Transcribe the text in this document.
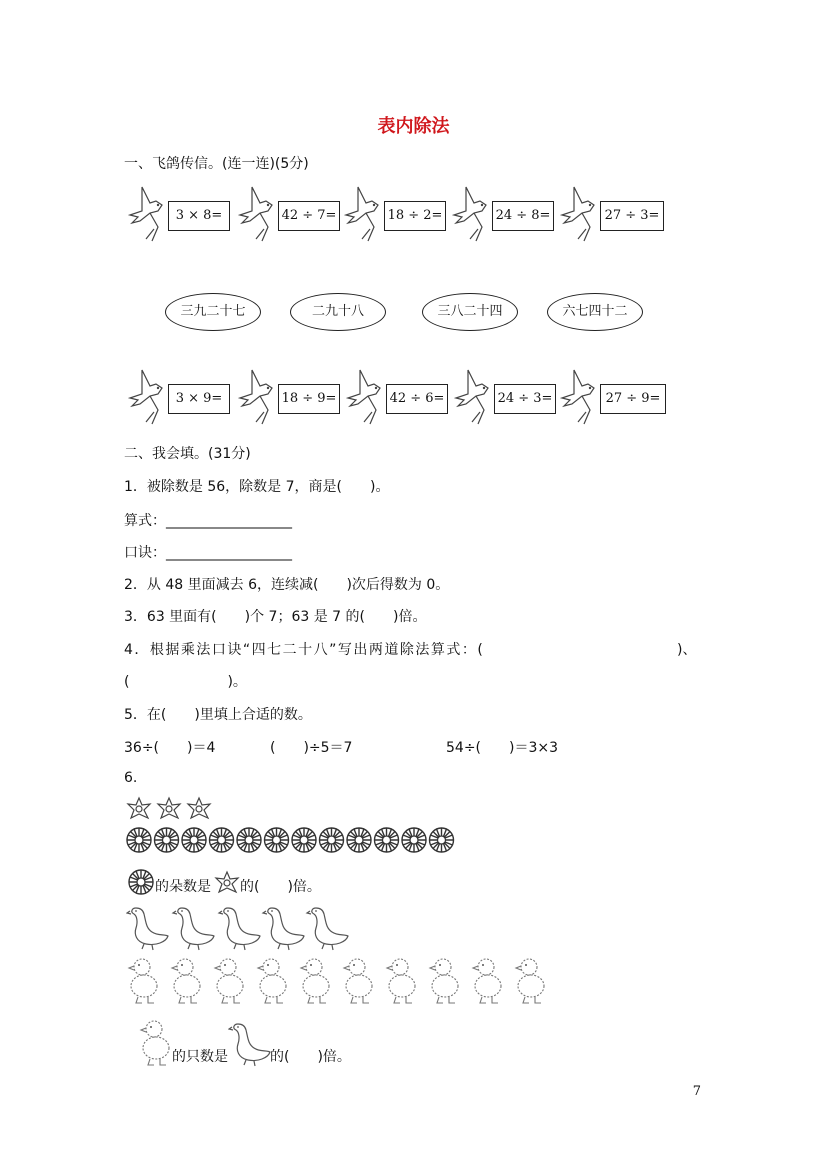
表内除法
一、飞鸽传信。(连一连)(5分)
3 × 8=	42 ÷ 7=	18 ÷ 2=	24 ÷ 8=	27 ÷ 3=
三九二十七	二九十八	三八二十四	六七四十二
3 × 9=	18 ÷ 9=	42 ÷ 6=	24 ÷ 3=	27 ÷ 9=
二、我会填。(31分)
1．被除数是 56，除数是 7，商是(　　)。
算式：__________________
口诀：__________________
2．从 48 里面减去 6，连续减(　　)次后得数为 0。
3．63 里面有(　　)个 7；63 是 7 的(　　)倍。
4．根据乘法口诀“四七二十八”写出两道除法算式：(	)、
(　　　　　　　)。
5．在(　　)里填上合适的数。
36÷(　　)＝4	(　　)÷5＝7	54÷(　　)＝3×3
6.
的朵数是 的(　　)倍。
的只数是	的(　　)倍。
7
